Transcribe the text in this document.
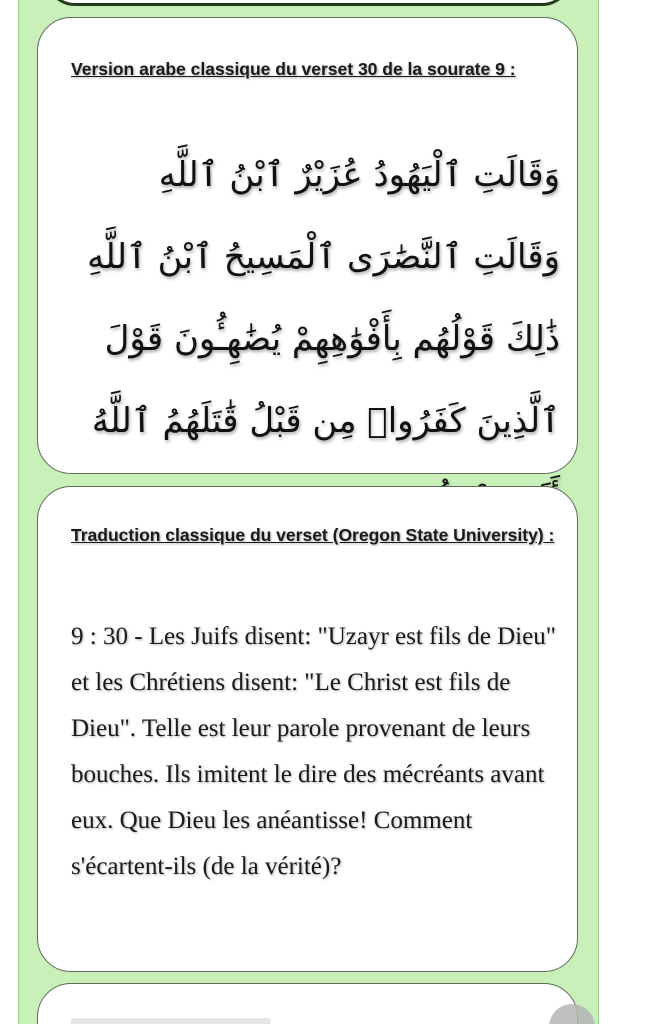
Version arabe classique du verset 30 de la sourate 9 :

وَقَالَتِ ٱلْيَهُودُ عُزَيْرٌ ٱبْنُ ٱللَّهِ وَقَالَتِ ٱلنَّصَٰرَى ٱلْمَسِيحُ ٱبْنُ ٱللَّهِ ذَٰلِكَ قَوْلُهُم بِأَفْوَٰهِهِمْ يُضَٰهِـُٔونَ قَوْلَ ٱلَّذِينَ كَفَرُوا۟ مِن قَبْلُ قَٰتَلَهُمُ ٱللَّهُ

Traduction classique du verset (Oregon State University) :

9 : 30 - Les Juifs disent: "Uzayr est fils de Dieu" et les Chrétiens disent: "Le Christ est fils de Dieu". Telle est leur parole provenant de leurs bouches. Ils imitent le dire des mécréants avant eux. Que Dieu les anéantisse! Comment s'écartent-ils (de la vérité)?
